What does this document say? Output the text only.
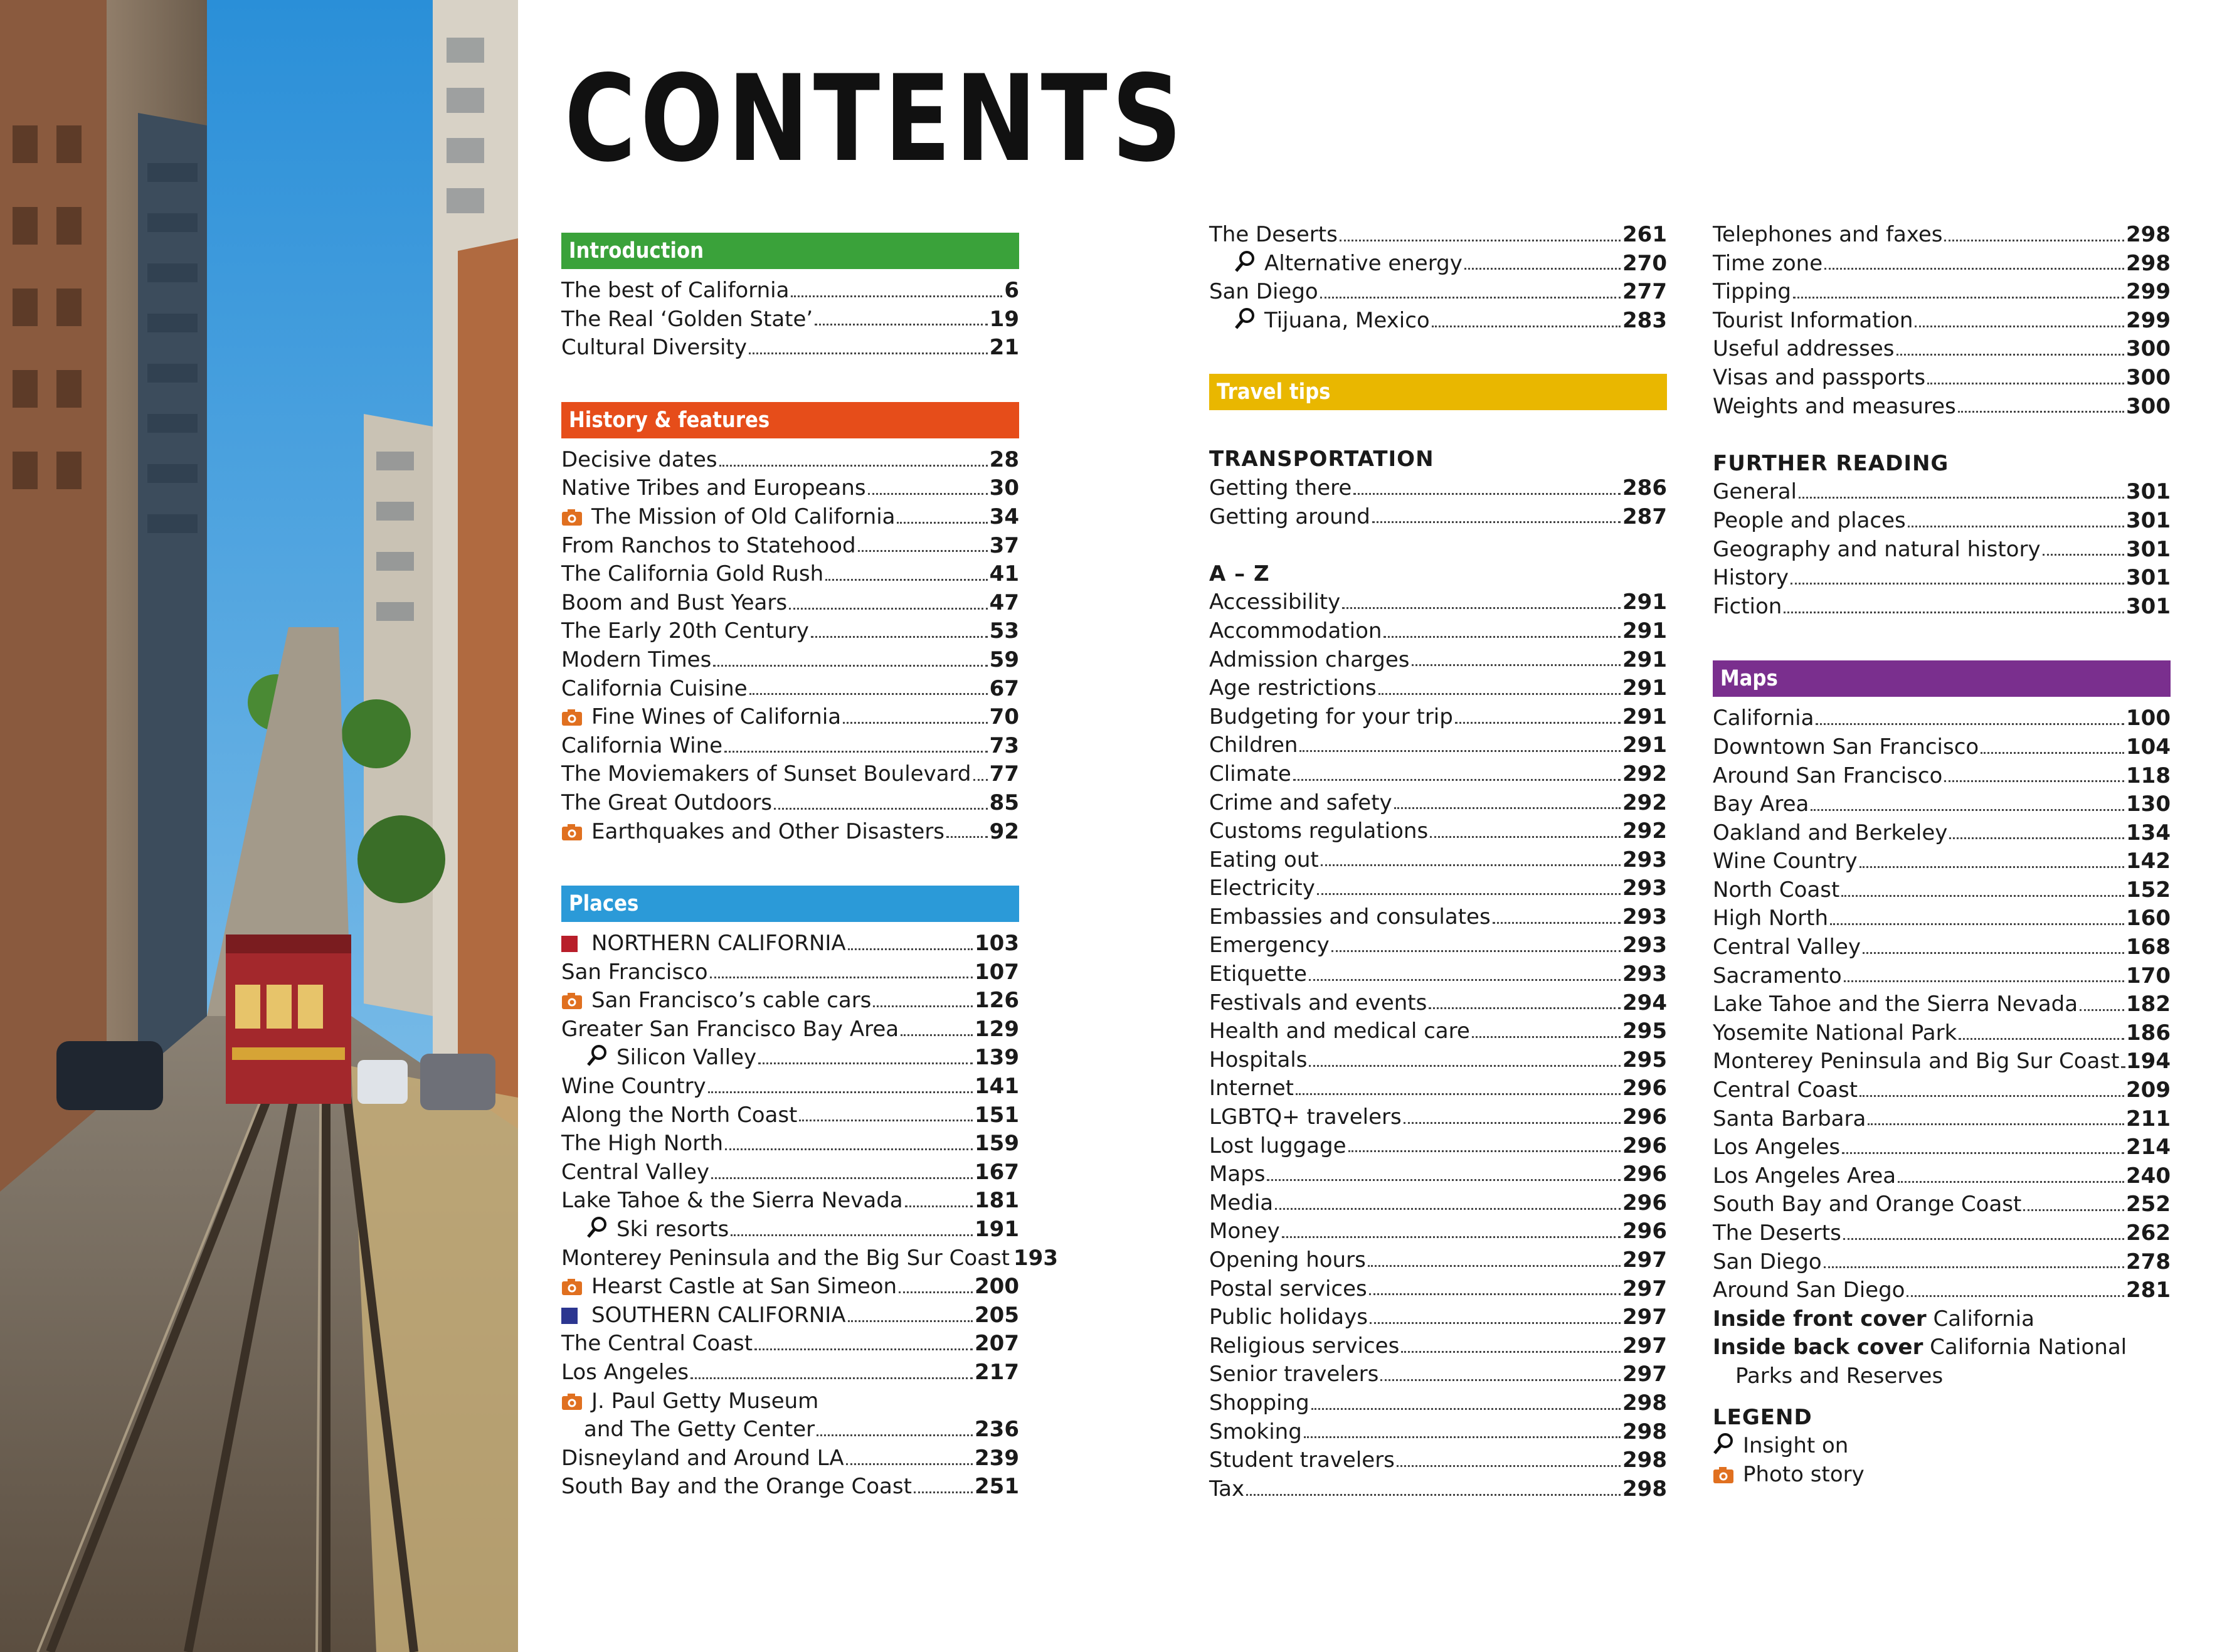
CONTENTS
Introduction
The best of California	6
The Real ‘Golden State’	19
Cultural Diversity	21
History & features
Decisive dates	28
Native Tribes and Europeans	30
The Mission of Old California	34
From Ranchos to Statehood	37
The California Gold Rush	41
Boom and Bust Years	47
The Early 20th Century	53
Modern Times	59
California Cuisine	67
Fine Wines of California	70
California Wine	73
The Moviemakers of Sunset Boulevard 77
The Great Outdoors	85
Earthquakes and Other Disasters 92
Places
NORTHERN CALIFORNIA	103
San Francisco	107
San Francisco’s cable cars	126
Greater San Francisco Bay Area	129
Silicon Valley	139
Wine Country	141
Along the North Coast	151
The High North	159
Central Valley	167
Lake Tahoe & the Sierra Nevada	181
Ski resorts	191
Monterey Peninsula and the Big Sur Coast 193
Hearst Castle at San Simeon	200
SOUTHERN CALIFORNIA	205
The Central Coast	207
Los Angeles	217
J. Paul Getty Museum
and The Getty Center	236
Disneyland and Around LA	239
South Bay and the Orange Coast	251
The Deserts	261
Alternative energy	270
San Diego	277
Tijuana, Mexico	283
Travel tips
TRANSPORTATION
Getting there	286
Getting around	287
A – Z
Accessibility	291
Accommodation	291
Admission charges	291
Age restrictions	291
Budgeting for your trip	291
Children	291
Climate	292
Crime and safety	292
Customs regulations	292
Eating out	293
Electricity	293
Embassies and consulates	293
Emergency	293
Etiquette	293
Festivals and events	294
Health and medical care	295
Hospitals	295
Internet	296
LGBTQ+ travelers	296
Lost luggage	296
Maps	296
Media	296
Money	296
Opening hours	297
Postal services	297
Public holidays	297
Religious services	297
Senior travelers	297
Shopping	298
Smoking	298
Student travelers	298
Tax	298
Telephones and faxes	298
Time zone	298
Tipping	299
Tourist Information	299
Useful addresses	300
Visas and passports	300
Weights and measures	300
FURTHER READING
General	301
People and places	301
Geography and natural history	301
History	301
Fiction	301
Maps
California	100
Downtown San Francisco	104
Around San Francisco	118
Bay Area	130
Oakland and Berkeley	134
Wine Country	142
North Coast	152
High North	160
Central Valley	168
Sacramento	170
Lake Tahoe and the Sierra Nevada 182
Yosemite National Park	186
Monterey Peninsula and Big Sur Coast 194
Central Coast	209
Santa Barbara	211
Los Angeles	214
Los Angeles Area	240
South Bay and Orange Coast	252
The Deserts	262
San Diego	278
Around San Diego	281
Inside front cover California
Inside back cover California National
Parks and Reserves
LEGEND
Insight on
Photo story
